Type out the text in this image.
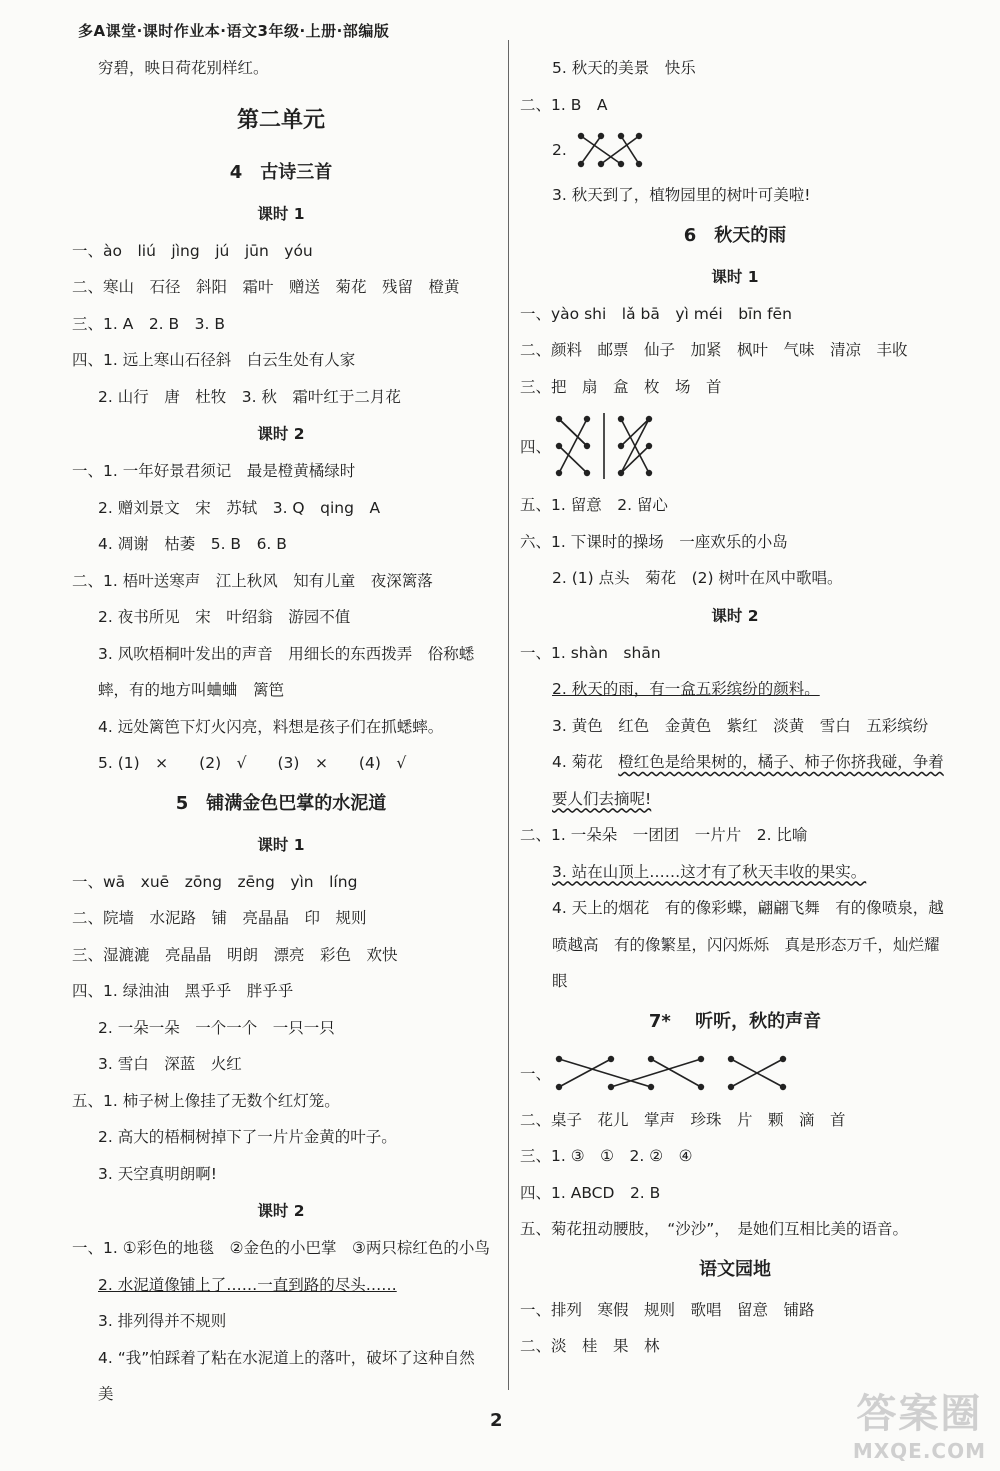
多A课堂·课时作业本·语文3年级·上册·部编版
穷碧，映日荷花别样红。
第二单元
4　古诗三首
课时 1
一、ào　liú　jìng　jú　jūn　yóu
二、寒山　石径　斜阳　霜叶　赠送　菊花　残留　橙黄
三、1. A　2. B　3. B
四、1. 远上寒山石径斜　白云生处有人家
2. 山行　唐　杜牧　3. 秋　霜叶红于二月花
课时 2
一、1. 一年好景君须记　最是橙黄橘绿时
2. 赠刘景文　宋　苏轼　3. Q　qing　A
4. 凋谢　枯萎　5. B　6. B
二、1. 梧叶送寒声　江上秋风　知有儿童　夜深篱落
2. 夜书所见　宋　叶绍翁　游园不值
3. 风吹梧桐叶发出的声音　用细长的东西拨弄　俗称蟋蟀，有的地方叫蛐蛐　篱笆
4. 远处篱笆下灯火闪亮，料想是孩子们在抓蟋蟀。
5. (1)　×　　(2)　√　　(3)　×　　(4)　√
5　铺满金色巴掌的水泥道
课时 1
一、wā　xuē　zōng　zēng　yìn　líng
二、院墙　水泥路　铺　亮晶晶　印　规则
三、湿漉漉　亮晶晶　明朗　漂亮　彩色　欢快
四、1. 绿油油　黑乎乎　胖乎乎
2. 一朵一朵　一个一个　一只一只
3. 雪白　深蓝　火红
五、1. 柿子树上像挂了无数个红灯笼。
2. 高大的梧桐树掉下了一片片金黄的叶子。
3. 天空真明朗啊!
课时 2
一、1. ①彩色的地毯　②金色的小巴掌　③两只棕红色的小鸟
2. 水泥道像铺上了……一直到路的尽头……
3. 排列得并不规则
4. “我”怕踩着了粘在水泥道上的落叶，破坏了这种自然美
5. 秋天的美景　快乐
二、1. B　A
2.
3. 秋天到了，植物园里的树叶可美啦!
6　秋天的雨
课时 1
一、yào shi　lǎ bā　yì méi　bīn fēn
二、颜料　邮票　仙子　加紧　枫叶　气味　清凉　丰收
三、把　扇　盒　枚　场　首
四、
五、1. 留意　2. 留心
六、1. 下课时的操场　一座欢乐的小岛
2. (1) 点头　菊花　(2) 树叶在风中歌唱。
课时 2
一、1. shàn　shān
2. 秋天的雨，有一盒五彩缤纷的颜料。
3. 黄色　红色　金黄色　紫红　淡黄　雪白　五彩缤纷
4. 菊花　橙红色是给果树的，橘子、柿子你挤我碰，争着要人们去摘呢!
二、1. 一朵朵　一团团　一片片　2. 比喻
3. 站在山顶上……这才有了秋天丰收的果实。
4. 天上的烟花　有的像彩蝶，翩翩飞舞　有的像喷泉，越喷越高　有的像繁星，闪闪烁烁　真是形态万千，灿烂耀眼
7* 　听听，秋的声音
一、
二、桌子　花儿　掌声　珍珠　片　颗　滴　首
三、1. ③　①　2. ②　④
四、1. ABCD　2. B
五、菊花扭动腰肢，　“沙沙”，　是她们互相比美的语音。
语文园地
一、排列　寒假　规则　歌唱　留意　铺路
二、淡　桂　果　林
2	答案圈
MXQE.COM
